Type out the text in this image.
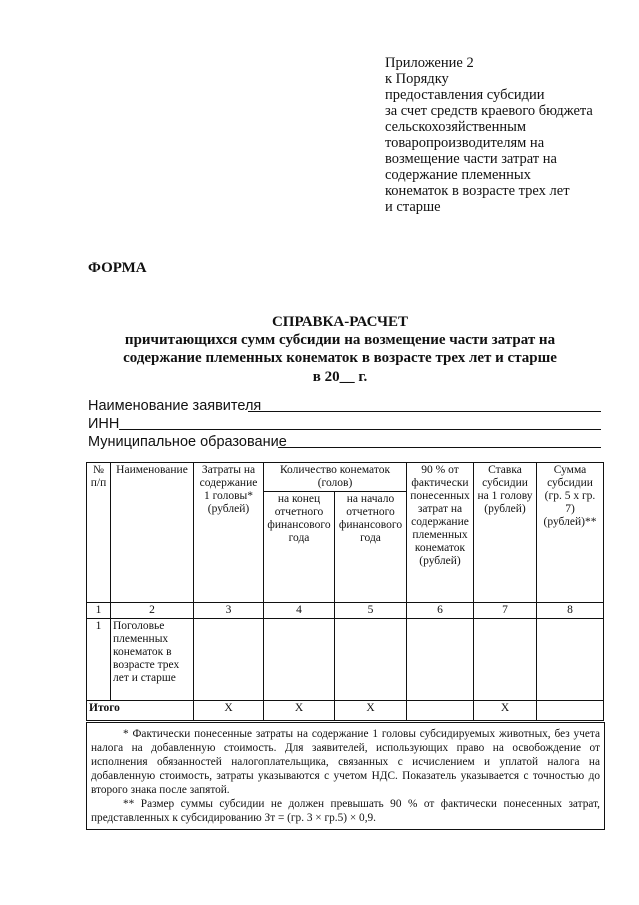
Приложение 2
к Порядку
предоставления субсидии
за счет средств краевого бюджета
сельскохозяйственным
товаропроизводителям на
возмещение части затрат на
содержание племенных
конематок в возрасте трех лет
и старше
ФОРМА
СПРАВКА-РАСЧЕТ
причитающихся сумм субсидии на возмещение части затрат на
содержание племенных конематок в возрасте трех лет и старше
в 20__ г.
Наименование заявителя
ИНН
Муниципальное образование
№ п/п	Наименование	Затраты на содержание 1 головы* (рублей)	Количество конематок (голов)		90 % от фактически понесенных затрат на содержание племенных конематок (рублей)	Ставка субсидии на 1 голову (рублей)	Сумма субсидии (гр. 5 х гр. 7) (рублей)**
			на конец отчетного финансового года	на начало отчетного финансового года			
1	2	3	4	5	6	7	8
1	Поголовье племенных конематок в возрасте трех лет и старше						
Итого		X	X	X		X	

* Фактически понесенные затраты на содержание 1 головы субсидируемых животных, без учета налога на добавленную стоимость. Для заявителей, использующих право на освобождение от исполнения обязанностей налогоплательщика, связанных с исчислением и уплатой налога на добавленную стоимость, затраты указываются с учетом НДС. Показатель указывается с точностью до второго знака после запятой.

** Размер суммы субсидии не должен превышать 90 % от фактически понесенных затрат, представленных к субсидированию Зт = (гр. 3 × гр.5) × 0,9.
